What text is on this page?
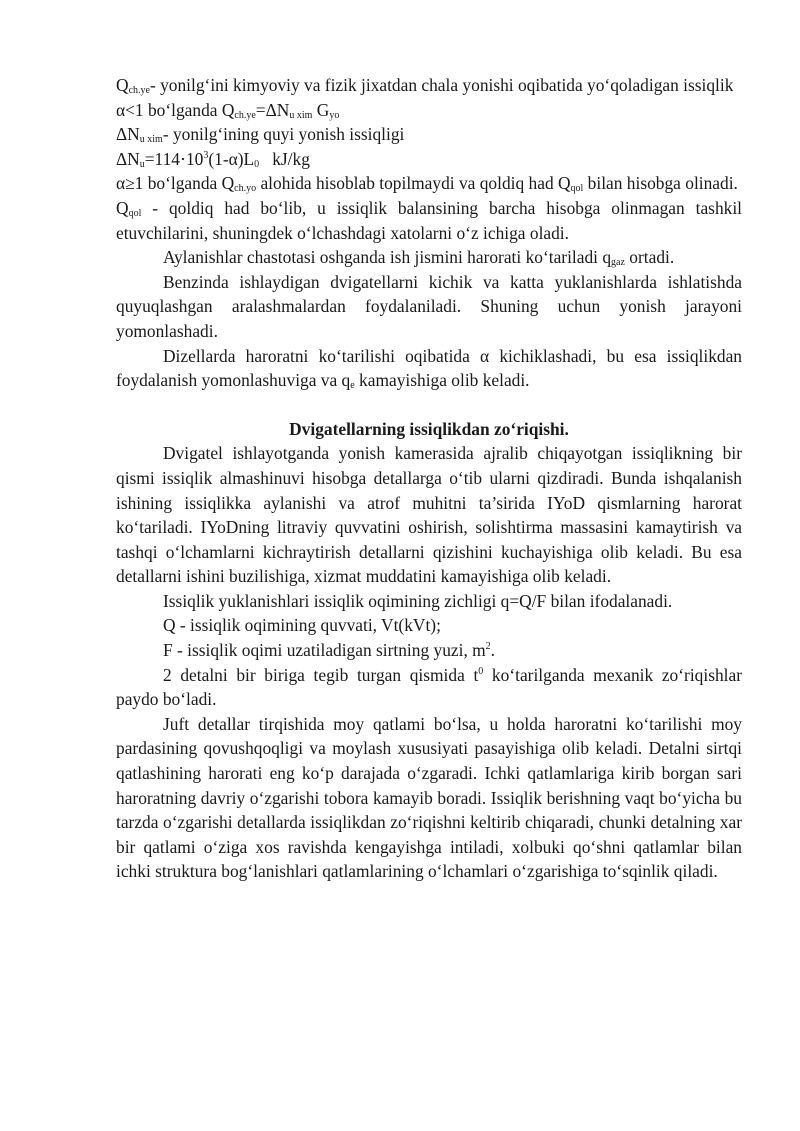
$Q_{ch.ye}-$ yonilg‘ini kimyoviy va fizik jixatdan chala yonishi oqibatida yo‘qoladigan issiqlik

α<1 bo‘lganda $Q_{ch.ye}=\Delta N_{u xim}$ $G_{yo}$

$\Delta N_{u xim}-$ yonilg‘ining quyi yonish issiqligi

$\Delta N_u=114\cdot 10^3(1-\alpha)L_0$   kJ/kg

α≥1 bo‘lganda $Q_{ch.yo}$ alohida hisoblab topilmaydi va qoldiq had $Q_{qol}$ bilan hisobga olinadi.

$Q_{qol}$ - qoldiq had bo‘lib, u issiqlik balansining barcha hisobga olinmagan tashkil etuvchilarini, shuningdek o‘lchashdagi xatolarni o‘z ichiga oladi.

Aylanishlar chastotasi oshganda ish jismini harorati ko‘tariladi $q_{gaz}$ ortadi.

Benzinda ishlaydigan dvigatellarni kichik va katta yuklanishlarda ishlatishda quyuqlashgan aralashmalardan foydalaniladi. Shuning uchun yonish jarayoni yomonlashadi.

Dizellarda haroratni ko‘tarilishi oqibatida α kichiklashadi, bu esa issiqlikdan foydalanish yomonlashuviga va $q_e$ kamayishiga olib keladi.

Dvigatellarning issiqlikdan zo‘riqishi.

Dvigatel ishlayotganda yonish kamerasida ajralib chiqayotgan issiqlikning bir qismi issiqlik almashinuvi hisobga detallarga o‘tib ularni qizdiradi. Bunda ishqalanish ishining issiqlikka aylanishi va atrof muhitni ta’sirida IYoD qismlarning harorat ko‘tariladi. IYoDning litraviy quvvatini oshirish, solishtirma massasini kamaytirish va tashqi o‘lchamlarni kichraytirish detallarni qizishini kuchayishiga olib keladi. Bu esa detallarni ishini buzilishiga, xizmat muddatini kamayishiga olib keladi.

Issiqlik yuklanishlari issiqlik oqimining zichligi q=Q/F bilan ifodalanadi.

Q - issiqlik oqimining quvvati, Vt(kVt);

F - issiqlik oqimi uzatiladigan sirtning yuzi, $m^2$.

2 detalni bir biriga tegib turgan qismida $t^0$ ko‘tarilganda mexanik zo‘riqishlar paydo bo‘ladi.

Juft detallar tirqishida moy qatlami bo‘lsa, u holda haroratni ko‘tarilishi moy pardasining qovushqoqligi va moylash xususiyati pasayishiga olib keladi. Detalni sirtqi qatlashining harorati eng ko‘p darajada o‘zgaradi. Ichki qatlamlariga kirib borgan sari haroratning davriy o‘zgarishi tobora kamayib boradi. Issiqlik berishning vaqt bo‘yicha bu tarzda o‘zgarishi detallarda issiqlikdan zo‘riqishni keltirib chiqaradi, chunki detalning xar bir qatlami o‘ziga xos ravishda kengayishga intiladi, xolbuki qo‘shni qatlamlar bilan ichki struktura bog‘lanishlari qatlamlarining o‘lchamlari o‘zgarishiga to‘sqinlik qiladi.
